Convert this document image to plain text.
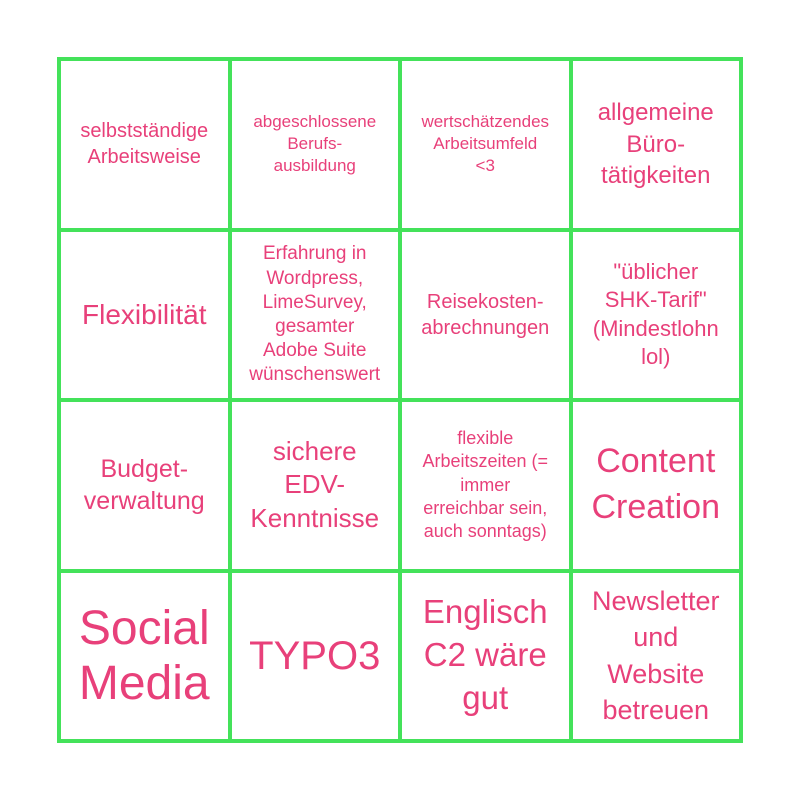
selbstständige
Arbeitsweise
abgeschlossene
Berufs-
ausbildung
wertschätzendes
Arbeitsumfeld
<3
allgemeine
Büro-
tätigkeiten
Flexibilität
Erfahrung in
Wordpress,
LimeSurvey,
gesamter
Adobe Suite
wünschenswert
Reisekosten-
abrechnungen
"üblicher
SHK-Tarif"
(Mindestlohn
lol)
Budget-
verwaltung
sichere
EDV-
Kenntnisse
flexible
Arbeitszeiten (=
immer
erreichbar sein,
auch sonntags)
Content
Creation
Social
Media
TYPO3
Englisch
C2 wäre
gut
Newsletter
und
Website
betreuen
